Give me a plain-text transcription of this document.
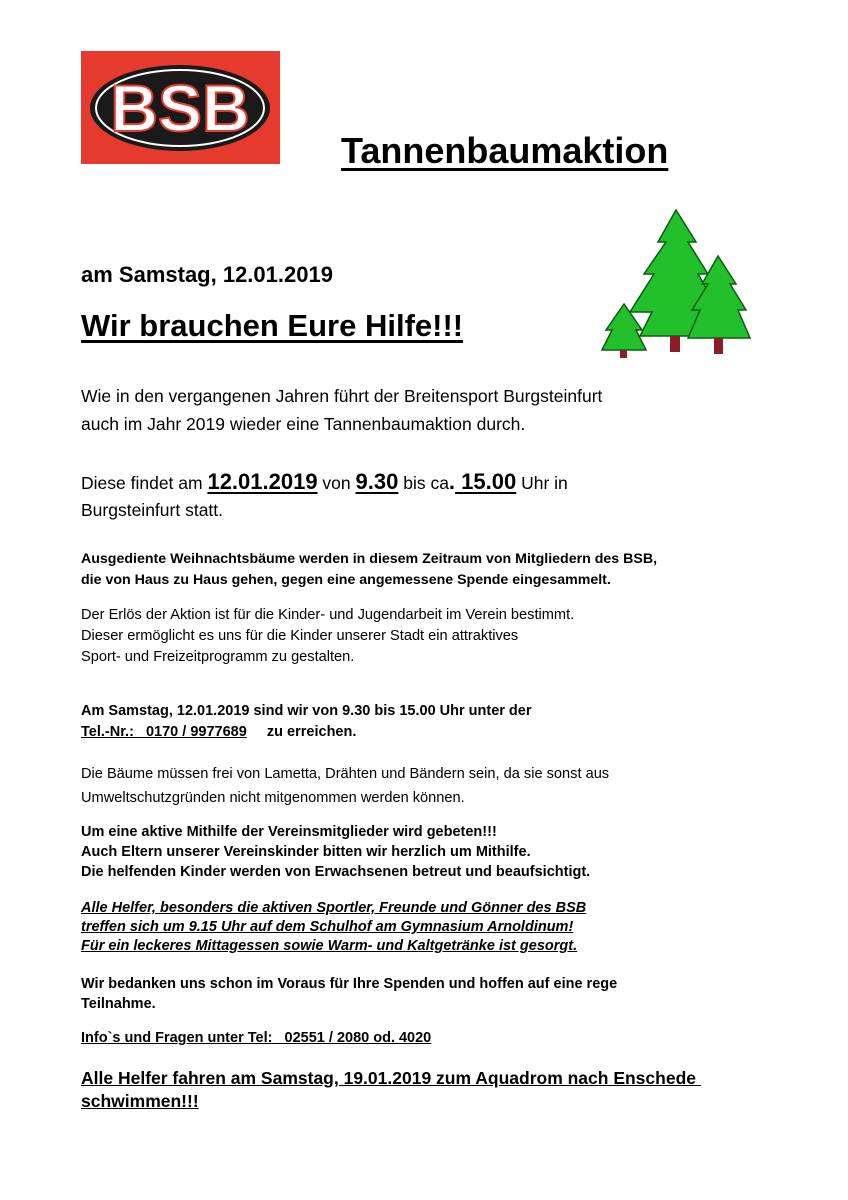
BSB
Tannenbaumaktion
am Samstag, 12.01.2019
Wir brauchen Eure Hilfe!!!
Wie in den vergangenen Jahren führt der Breitensport Burgsteinfurt
auch im Jahr 2019 wieder eine Tannenbaumaktion durch.
Diese findet am 12.01.2019 von 9.30 bis ca. 15.00 Uhr in
Burgsteinfurt statt.
Ausgediente Weihnachtsbäume werden in diesem Zeitraum von Mitgliedern des BSB,
die von Haus zu Haus gehen, gegen eine angemessene Spende eingesammelt.
Der Erlös der Aktion ist für die Kinder- und Jugendarbeit im Verein bestimmt.
Dieser ermöglicht es uns für die Kinder unserer Stadt ein attraktives
Sport- und Freizeitprogramm zu gestalten.
Am Samstag, 12.01.2019 sind wir von 9.30 bis 15.00 Uhr unter der
Tel.-Nr.:   0170 / 9977689     zu erreichen.
Die Bäume müssen frei von Lametta, Drähten und Bändern sein, da sie sonst aus
Umweltschutzgründen nicht mitgenommen werden können.
Um eine aktive Mithilfe der Vereinsmitglieder wird gebeten!!!
Auch Eltern unserer Vereinskinder bitten wir herzlich um Mithilfe.
Die helfenden Kinder werden von Erwachsenen betreut und beaufsichtigt.
Alle Helfer, besonders die aktiven Sportler, Freunde und Gönner des BSB
treffen sich um 9.15 Uhr auf dem Schulhof am Gymnasium Arnoldinum!
Für ein leckeres Mittagessen sowie Warm- und Kaltgetränke ist gesorgt.
Wir bedanken uns schon im Voraus für Ihre Spenden und hoffen auf eine rege
Teilnahme.
Info`s und Fragen unter Tel:   02551 / 2080 od. 4020
Alle Helfer fahren am Samstag, 19.01.2019 zum Aquadrom nach Enschede
schwimmen!!!
